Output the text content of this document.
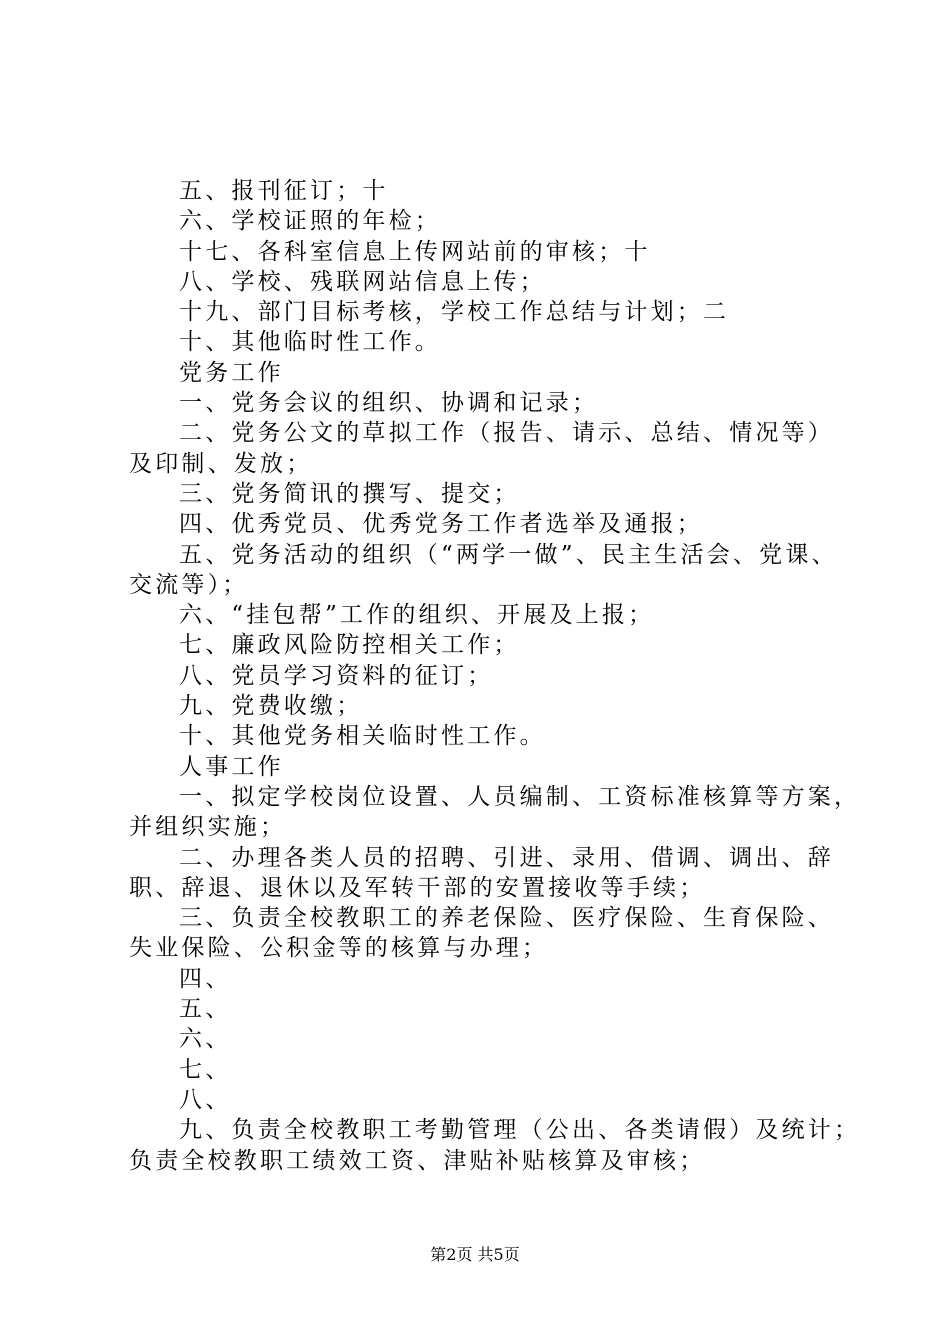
五、报刊征订；十
六、学校证照的年检；
十七、各科室信息上传网站前的审核；十
八、学校、残联网站信息上传；
十九、部门目标考核，学校工作总结与计划；二
十、其他临时性工作。
党务工作
一、党务会议的组织、协调和记录；
二、党务公文的草拟工作（报告、请示、总结、情况等）
及印制、发放；
三、党务简讯的撰写、提交；
四、优秀党员、优秀党务工作者选举及通报；
五、党务活动的组织（“两学一做”、民主生活会、党课、
交流等）；
六、“挂包帮”工作的组织、开展及上报；
七、廉政风险防控相关工作；
八、党员学习资料的征订；
九、党费收缴；
十、其他党务相关临时性工作。
人事工作
一、拟定学校岗位设置、人员编制、工资标准核算等方案，
并组织实施；
二、办理各类人员的招聘、引进、录用、借调、调出、辞
职、辞退、退休以及军转干部的安置接收等手续；
三、负责全校教职工的养老保险、医疗保险、生育保险、
失业保险、公积金等的核算与办理；
四、
五、
六、
七、
八、
九、负责全校教职工考勤管理（公出、各类请假）及统计；
负责全校教职工绩效工资、津贴补贴核算及审核；
第2页 共5页
